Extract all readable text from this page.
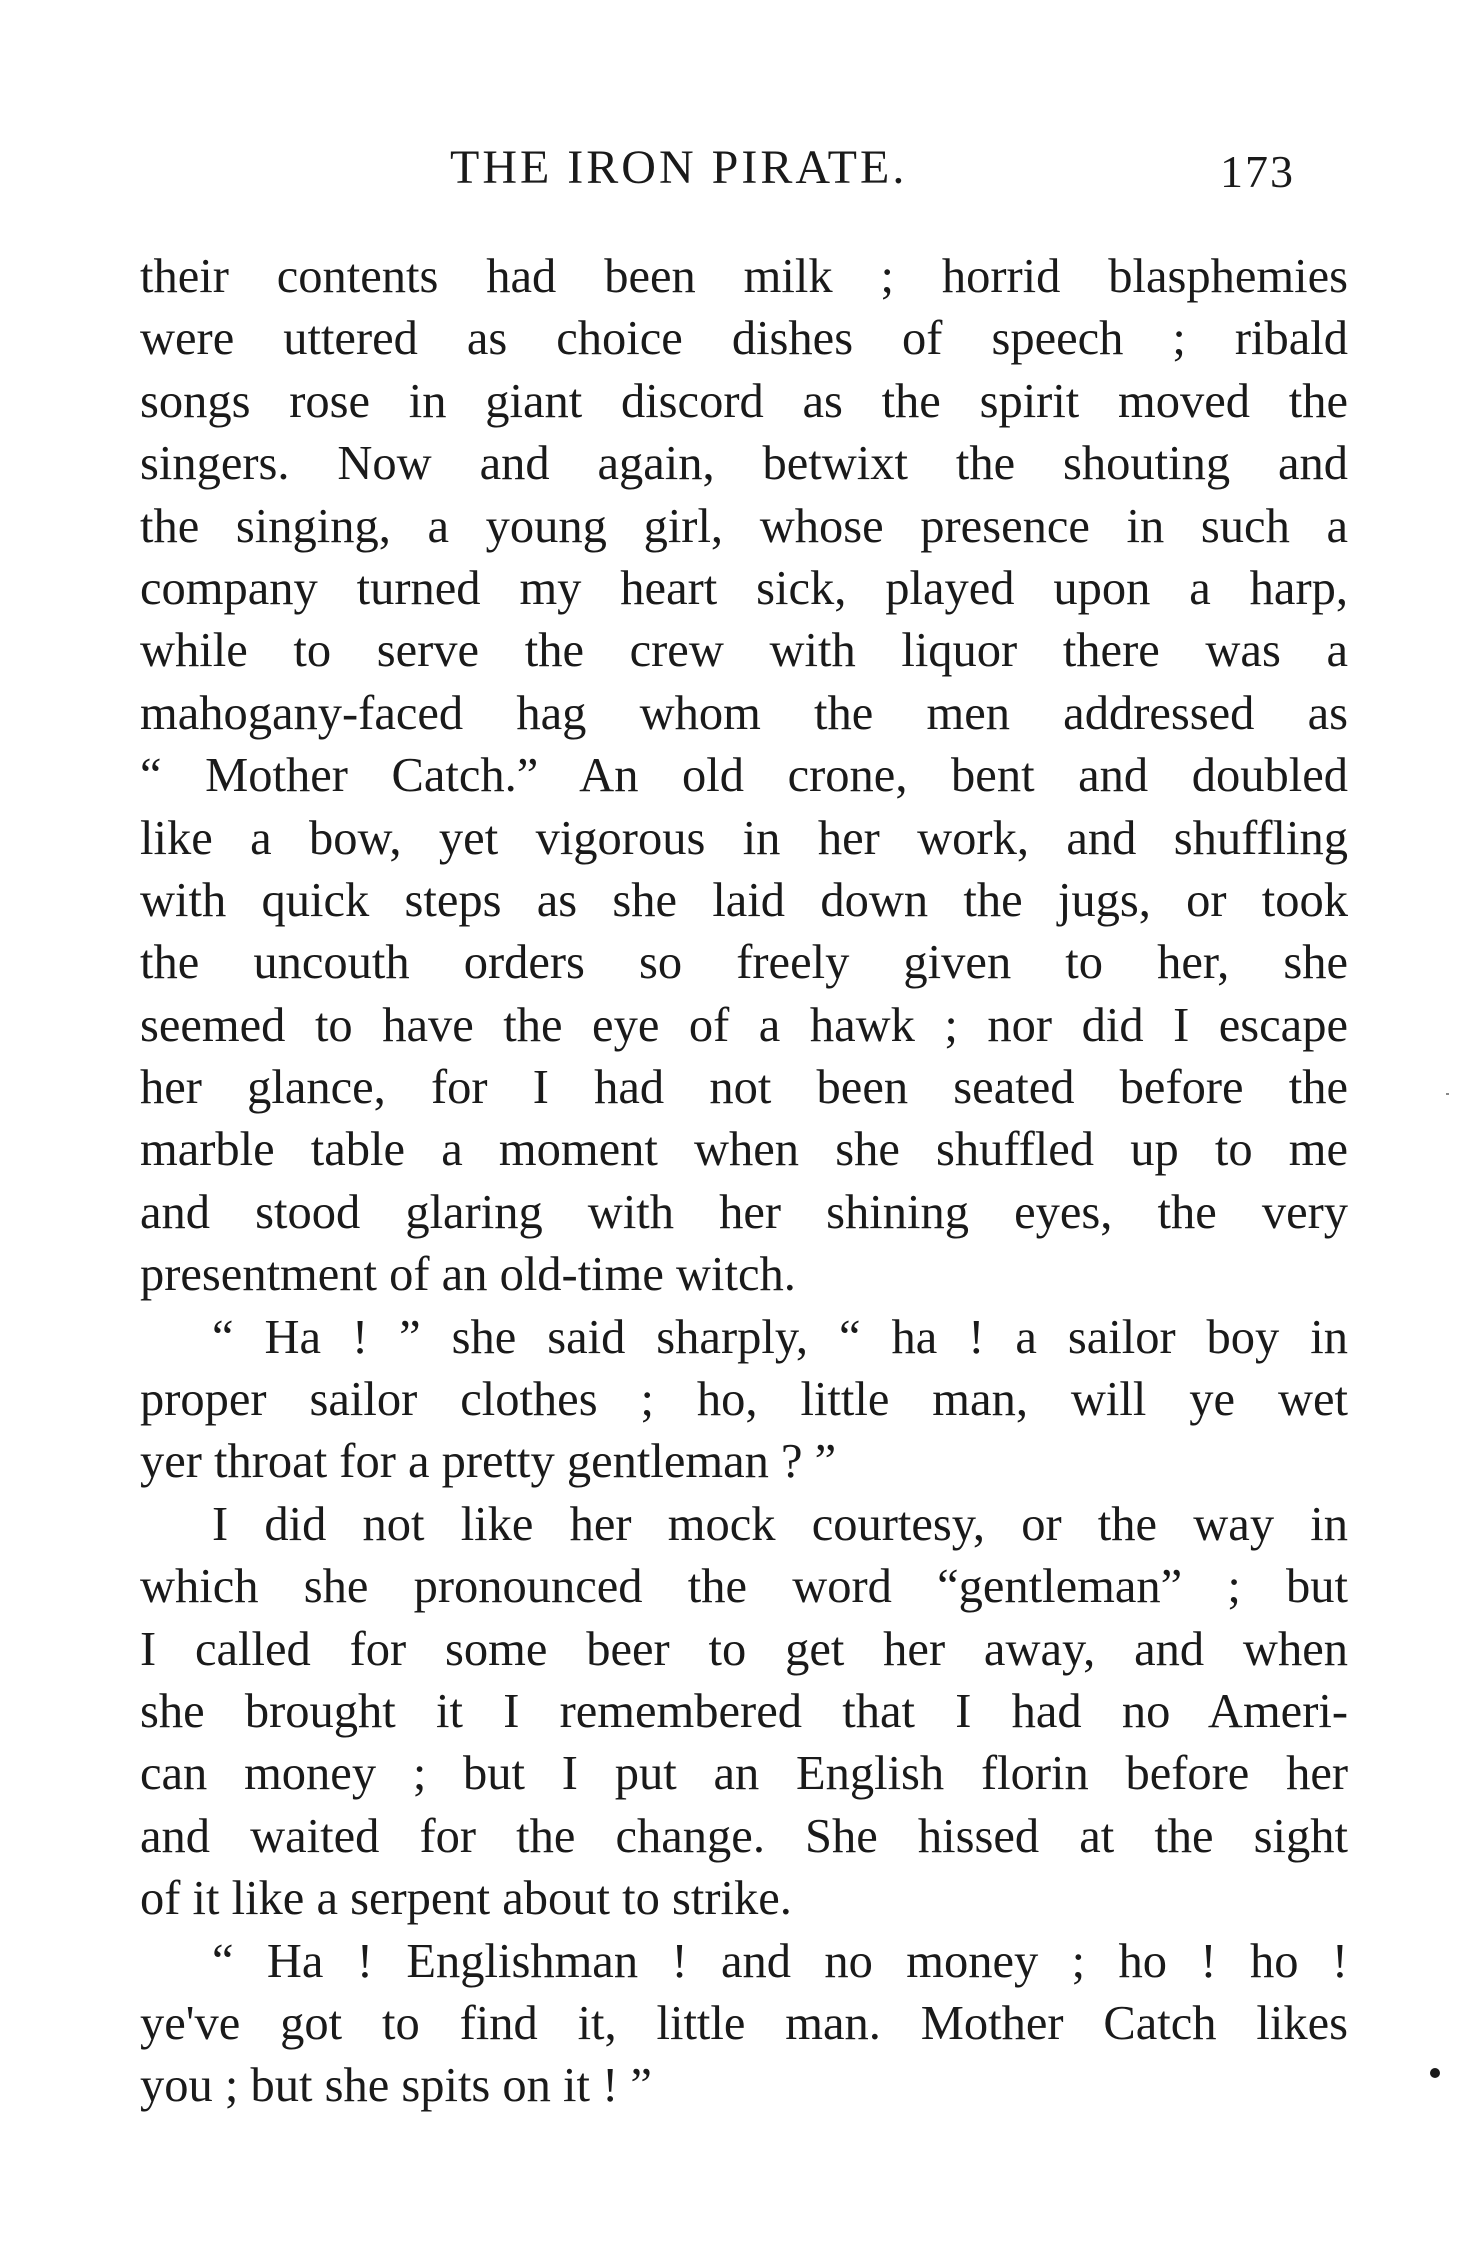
THE IRON PIRATE.	173
their contents had been milk ; horrid blasphemies
were uttered as choice dishes of speech ; ribald
songs rose in giant discord as the spirit moved the
singers. Now and again, betwixt the shouting and
the singing, a young girl, whose presence in such a
company turned my heart sick, played upon a harp,
while to serve the crew with liquor there was a
mahogany-faced hag whom the men addressed as
“ Mother Catch.” An old crone, bent and doubled
like a bow, yet vigorous in her work, and shuffling
with quick steps as she laid down the jugs, or took
the uncouth orders so freely given to her, she
seemed to have the eye of a hawk ; nor did I escape
her glance, for I had not been seated before the
marble table a moment when she shuffled up to me
and stood glaring with her shining eyes, the very
presentment of an old-time witch.
“ Ha ! ” she said sharply, “ ha ! a sailor boy in
proper sailor clothes ; ho, little man, will ye wet
yer throat for a pretty gentleman ? ”
I did not like her mock courtesy, or the way in
which she pronounced the word “gentleman” ; but
I called for some beer to get her away, and when
she brought it I remembered that I had no Ameri-
can money ; but I put an English florin before her
and waited for the change. She hissed at the sight
of it like a serpent about to strike.
“ Ha ! Englishman ! and no money ; ho ! ho !
ye've got to find it, little man. Mother Catch likes
you ; but she spits on it ! ”
